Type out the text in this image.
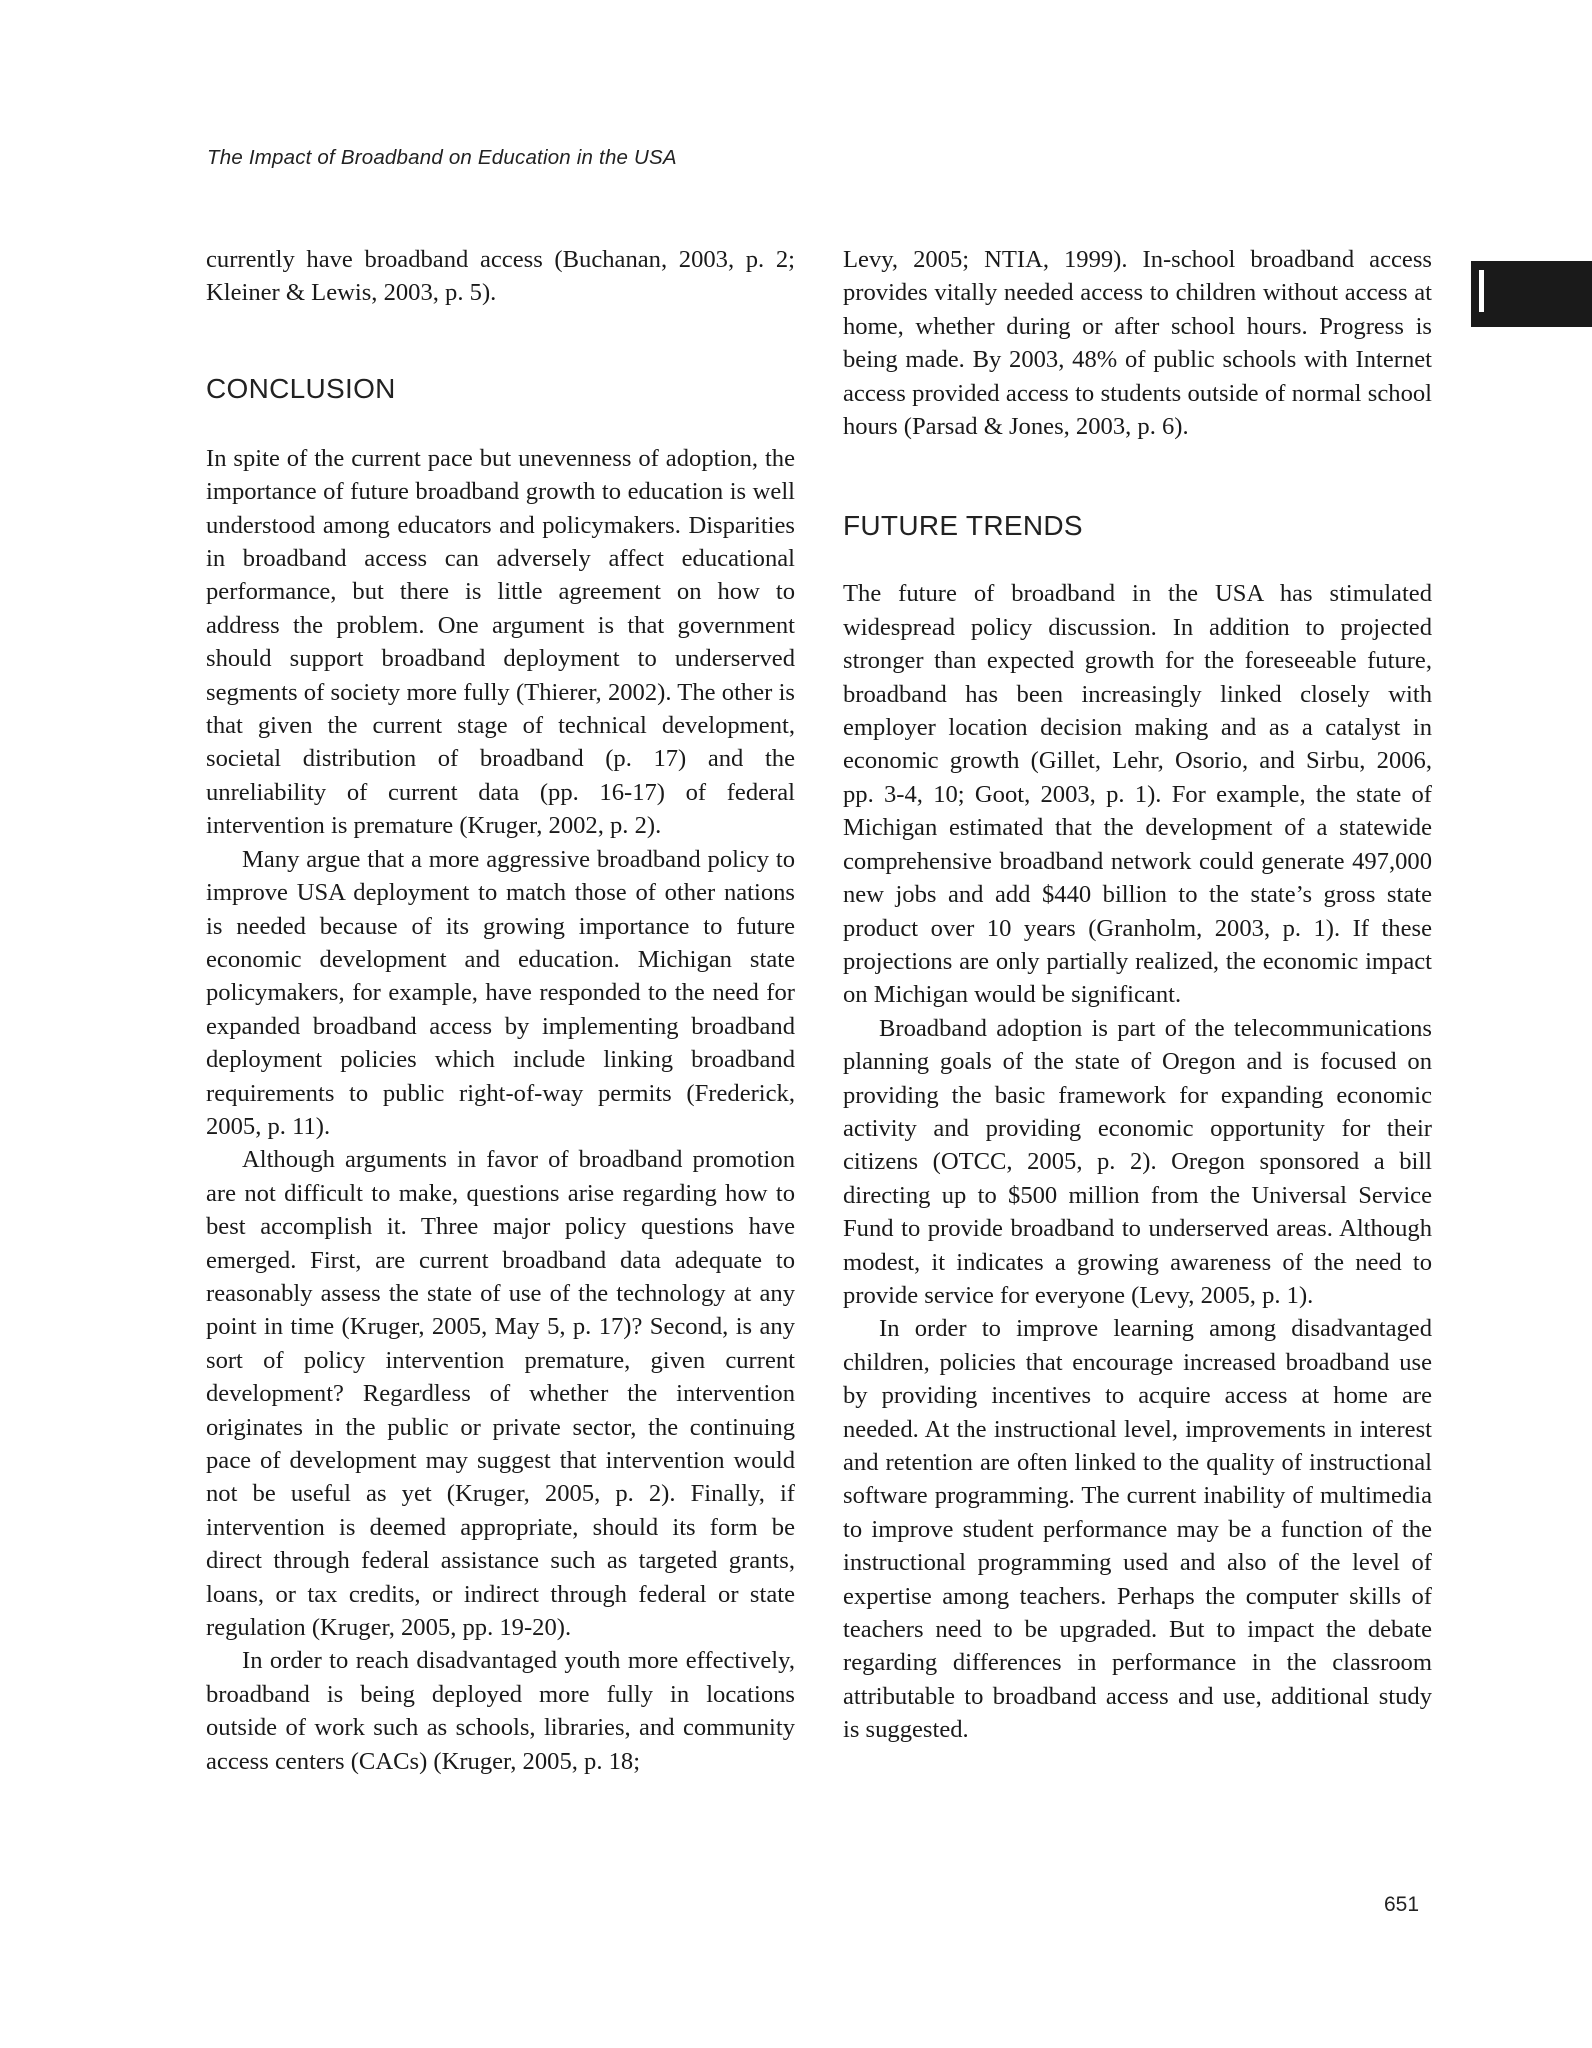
The Impact of Broadband on Education in the USA

currently have broadband access (Buchanan, 2003, p. 2; Kleiner & Lewis, 2003, p. 5).

CONCLUSION

In spite of the current pace but unevenness of adoption, the importance of future broadband growth to education is well understood among educators and policymakers. Disparities in broadband access can adversely affect educational performance, but there is little agreement on how to address the problem. One argument is that government should support broadband deployment to underserved segments of society more fully (Thierer, 2002). The other is that given the current stage of technical development, societal distribution of broadband (p. 17) and the unreliability of current data (pp. 16-17) of federal intervention is premature (Kruger, 2002, p. 2).

Many argue that a more aggressive broadband policy to improve USA deployment to match those of other nations is needed because of its growing importance to future economic development and education. Michigan state policymakers, for example, have responded to the need for expanded broadband access by implementing broadband deployment policies which include linking broadband requirements to public right-of-way permits (Frederick, 2005, p. 11).

Although arguments in favor of broadband promotion are not difficult to make, questions arise regarding how to best accomplish it. Three major policy questions have emerged. First, are current broadband data adequate to reasonably assess the state of use of the technology at any point in time (Kruger, 2005, May 5, p. 17)? Second, is any sort of policy intervention premature, given current development? Regardless of whether the intervention originates in the public or private sector, the continuing pace of development may suggest that intervention would not be useful as yet (Kruger, 2005, p. 2). Finally, if intervention is deemed appropriate, should its form be direct through federal assistance such as targeted grants, loans, or tax credits, or indirect through federal or state regulation (Kruger, 2005, pp. 19-20).

In order to reach disadvantaged youth more effectively, broadband is being deployed more fully in locations outside of work such as schools, libraries, and community access centers (CACs) (Kruger, 2005, p. 18;

Levy, 2005; NTIA, 1999). In-school broadband access provides vitally needed access to children without access at home, whether during or after school hours. Progress is being made. By 2003, 48% of public schools with Internet access provided access to students outside of normal school hours (Parsad & Jones, 2003, p. 6).

FUTURE TRENDS

The future of broadband in the USA has stimulated widespread policy discussion. In addition to projected stronger than expected growth for the foreseeable future, broadband has been increasingly linked closely with employer location decision making and as a catalyst in economic growth (Gillet, Lehr, Osorio, and Sirbu, 2006, pp. 3-4, 10; Goot, 2003, p. 1). For example, the state of Michigan estimated that the development of a statewide comprehensive broadband network could generate 497,000 new jobs and add $440 billion to the state’s gross state product over 10 years (Granholm, 2003, p. 1). If these projections are only partially realized, the economic impact on Michigan would be significant.

Broadband adoption is part of the telecommunications planning goals of the state of Oregon and is focused on providing the basic framework for expanding economic activity and providing economic opportunity for their citizens (OTCC, 2005, p. 2). Oregon sponsored a bill directing up to $500 million from the Universal Service Fund to provide broadband to underserved areas. Although modest, it indicates a growing awareness of the need to provide service for everyone (Levy, 2005, p. 1).

In order to improve learning among disadvantaged children, policies that encourage increased broadband use by providing incentives to acquire access at home are needed. At the instructional level, improvements in interest and retention are often linked to the quality of instructional software programming. The current inability of multimedia to improve student performance may be a function of the instructional programming used and also of the level of expertise among teachers. Perhaps the computer skills of teachers need to be upgraded. But to impact the debate regarding differences in performance in the classroom attributable to broadband access and use, additional study is suggested.

651
